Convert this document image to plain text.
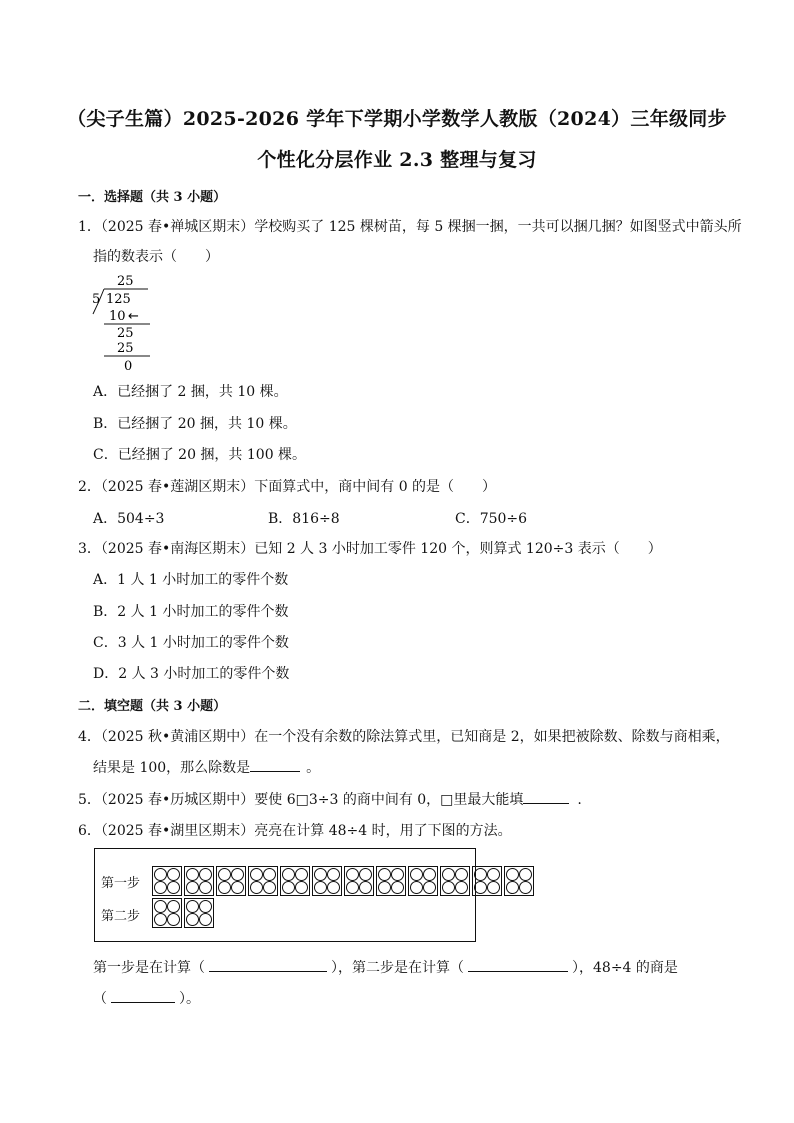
（尖子生篇）2025-2026 学年下学期小学数学人教版（2024）三年级同步
个性化分层作业 2.3 整理与复习
一．选择题（共 3 小题）
1．（2025 春•禅城区期末）学校购买了 125 棵树苗，每 5 棵捆一捆，一共可以捆几捆？如图竖式中箭头所
指的数表示（　　）
25
5 125
10 ←
25
25
0
A．已经捆了 2 捆，共 10 棵。
B．已经捆了 20 捆，共 10 棵。
C．已经捆了 20 捆，共 100 棵。
2．（2025 春•莲湖区期末）下面算式中，商中间有 0 的是（　　）
A．504÷3	B．816÷8	C．750÷6
3．（2025 春•南海区期末）已知 2 人 3 小时加工零件 120 个，则算式 120÷3 表示（　　）
A．1 人 1 小时加工的零件个数
B．2 人 1 小时加工的零件个数
C．3 人 1 小时加工的零件个数
D．2 人 3 小时加工的零件个数
二．填空题（共 3 小题）
4．（2025 秋•黄浦区期中）在一个没有余数的除法算式里，已知商是 2，如果把被除数、除数与商相乘，
结果是 100，那么除数是	。
5．（2025 春•历城区期中）要使 6□3÷3 的商中间有 0，□里最大能填	.
6．（2025 春•湖里区期末）亮亮在计算 48÷4 时，用了下图的方法。
第一步
第二步
第一步是在计算（	），第二步是在计算（	），48÷4 的商是
（	）。
